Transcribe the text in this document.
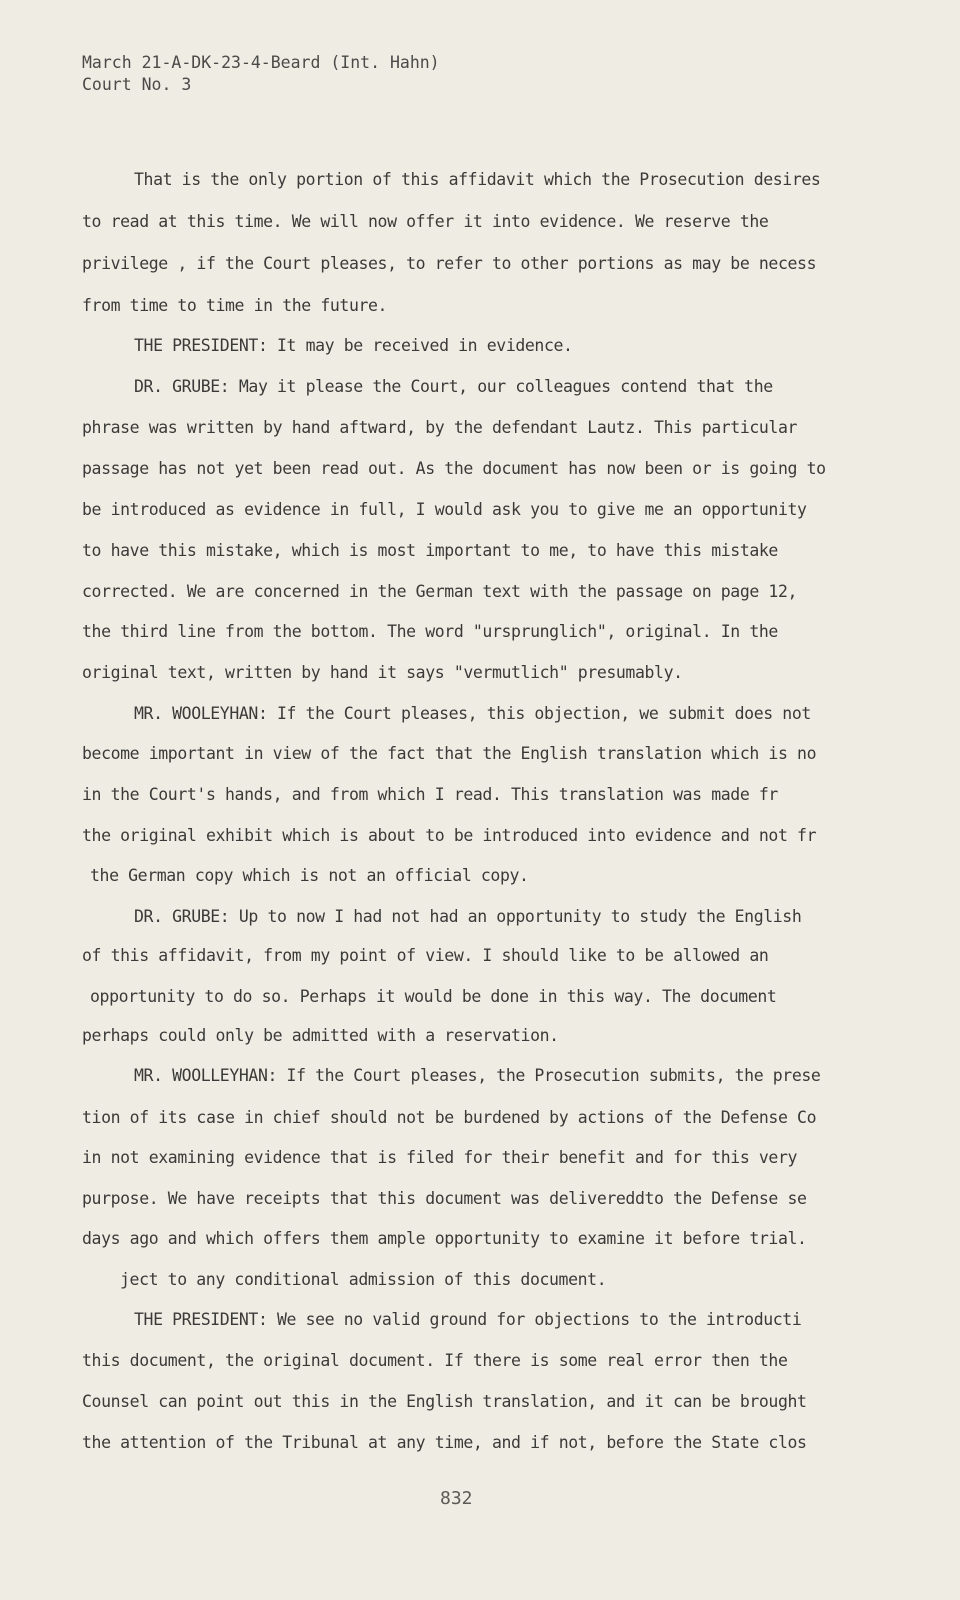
March 21-A-DK-23-4-Beard (Int. Hahn)
Court No. 3
That is the only portion of this affidavit which the Prosecution desires
to read at this time. We will now offer it into evidence. We reserve the
privilege , if the Court pleases, to refer to other portions as may be necess
from time to time in the future.
THE PRESIDENT: It may be received in evidence.
DR. GRUBE: May it please the Court, our colleagues contend that the
phrase was written by hand aftward, by the defendant Lautz. This particular
passage has not yet been read out. As the document has now been or is going to
be introduced as evidence in full, I would ask you to give me an opportunity
to have this mistake, which is most important to me, to have this mistake
corrected. We are concerned in the German text with the passage on page 12,
the third line from the bottom. The word "ursprunglich", original. In the
original text, written by hand it says "vermutlich" presumably.
MR. WOOLEYHAN: If the Court pleases, this objection, we submit does not
become important in view of the fact that the English translation which is no
in the Court's hands, and from which I read. This translation was made fr
the original exhibit which is about to be introduced into evidence and not fr
the German copy which is not an official copy.
DR. GRUBE: Up to now I had not had an opportunity to study the English
of this affidavit, from my point of view. I should like to be allowed an
opportunity to do so. Perhaps it would be done in this way. The document
perhaps could only be admitted with a reservation.
MR. WOOLLEYHAN: If the Court pleases, the Prosecution submits, the prese
tion of its case in chief should not be burdened by actions of the Defense Co
in not examining evidence that is filed for their benefit and for this very
purpose. We have receipts that this document was delivereddto the Defense se
days ago and which offers them ample opportunity to examine it before trial.
ject to any conditional admission of this document.
THE PRESIDENT: We see no valid ground for objections to the introducti
this document, the original document. If there is some real error then the
Counsel can point out this in the English translation, and it can be brought
the attention of the Tribunal at any time, and if not, before the State clos
832
